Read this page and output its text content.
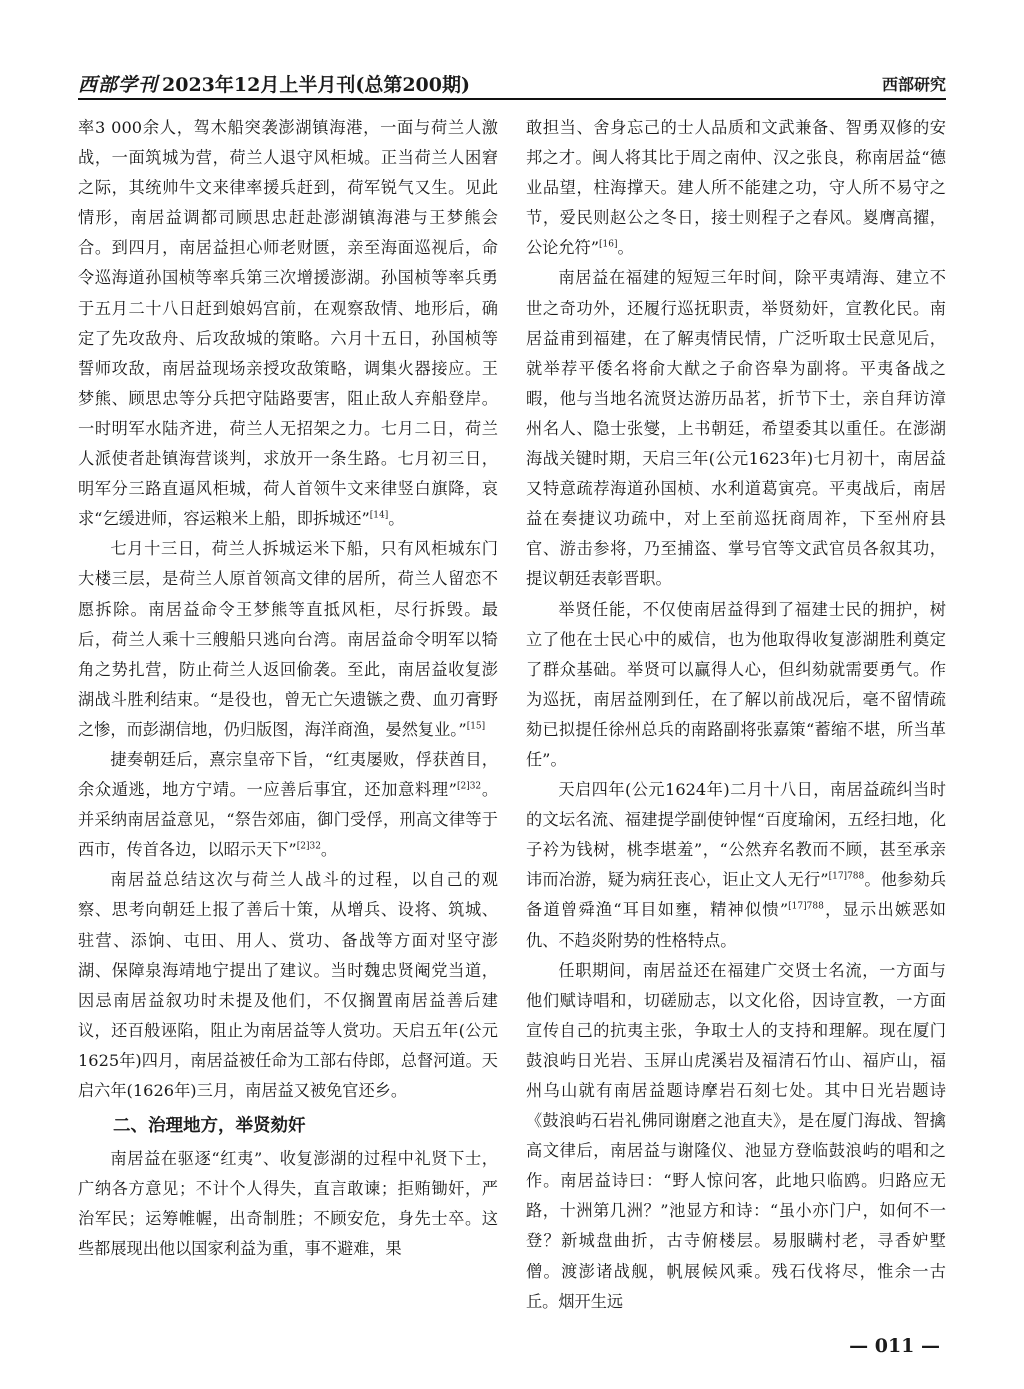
西部学刊 2023年12月上半月刊(总第200期)	西部研究

率3 000余人，驾木船突袭澎湖镇海港，一面与荷兰人激战，一面筑城为营，荷兰人退守风柜城。正当荷兰人困窘之际，其统帅牛文来律率援兵赶到，荷军锐气又生。见此情形，南居益调都司顾思忠赶赴澎湖镇海港与王梦熊会合。到四月，南居益担心师老财匮，亲至海面巡视后，命令巡海道孙国桢等率兵第三次增援澎湖。孙国桢等率兵勇于五月二十八日赶到娘妈宫前，在观察敌情、地形后，确定了先攻敌舟、后攻敌城的策略。六月十五日，孙国桢等誓师攻敌，南居益现场亲授攻敌策略，调集火器接应。王梦熊、顾思忠等分兵把守陆路要害，阻止敌人弃船登岸。一时明军水陆齐进，荷兰人无招架之力。七月二日，荷兰人派使者赴镇海营谈判，求放开一条生路。七月初三日，明军分三路直逼风柜城，荷人首领牛文来律竖白旗降，哀求“乞缓进师，容运粮米上船，即拆城还”[14]。

七月十三日，荷兰人拆城运米下船，只有风柜城东门大楼三层，是荷兰人原首领高文律的居所，荷兰人留恋不愿拆除。南居益命令王梦熊等直抵风柜，尽行拆毁。最后，荷兰人乘十三艘船只逃向台湾。南居益命令明军以犄角之势扎营，防止荷兰人返回偷袭。至此，南居益收复澎湖战斗胜利结束。“是役也，曾无亡矢遗镞之费、血刃膏野之惨，而彭湖信地，仍归版图，海洋商渔，晏然复业。”[15]

捷奏朝廷后，熹宗皇帝下旨，“红夷屡败，俘获酋目，余众遁逃，地方宁靖。一应善后事宜，还加意料理”$^{[2]32}$。并采纳南居益意见，“祭告郊庙，御门受俘，刑高文律等于西市，传首各边，以昭示天下”$^{[2]32}$。

南居益总结这次与荷兰人战斗的过程，以自己的观察、思考向朝廷上报了善后十策，从增兵、设将、筑城、驻营、添饷、屯田、用人、赏功、备战等方面对坚守澎湖、保障泉海靖地宁提出了建议。当时魏忠贤阉党当道，因忌南居益叙功时未提及他们，不仅搁置南居益善后建议，还百般诬陷，阻止为南居益等人赏功。天启五年(公元1625年)四月，南居益被任命为工部右侍郎，总督河道。天启六年(1626年)三月，南居益又被免官还乡。

二、治理地方，举贤劾奸

南居益在驱逐“红夷”、收复澎湖的过程中礼贤下士，广纳各方意见；不计个人得失，直言敢谏；拒贿锄奸，严治军民；运筹帷幄，出奇制胜；不顾安危，身先士卒。这些都展现出他以国家利益为重，事不避难，果

敢担当、舍身忘己的士人品质和文武兼备、智勇双修的安邦之才。闽人将其比于周之南仲、汉之张良，称南居益“德业品望，柱海撑天。建人所不能建之功，守人所不易守之节，爱民则赵公之冬日，接士则程子之春风。嵏膺高擢，公论允符”[16]。

南居益在福建的短短三年时间，除平夷靖海、建立不世之奇功外，还履行巡抚职责，举贤劾奸，宣教化民。南居益甫到福建，在了解夷情民情，广泛听取士民意见后，就举荐平倭名将俞大猷之子俞咨皋为副将。平夷备战之暇，他与当地名流贤达游历品茗，折节下士，亲自拜访漳州名人、隐士张燮，上书朝廷，希望委其以重任。在澎湖海战关键时期，天启三年(公元1623年)七月初十，南居益又特意疏荐海道孙国桢、水利道葛寅亮。平夷战后，南居益在奏捷议功疏中，对上至前巡抚商周祚，下至州府县官、游击参将，乃至捕盗、掌号官等文武官员各叙其功，提议朝廷表彰晋职。

举贤任能，不仅使南居益得到了福建士民的拥护，树立了他在士民心中的威信，也为他取得收复澎湖胜利奠定了群众基础。举贤可以赢得人心，但纠劾就需要勇气。作为巡抚，南居益刚到任，在了解以前战况后，毫不留情疏劾已拟提任徐州总兵的南路副将张嘉策“蓄缩不堪，所当革任”。

天启四年(公元1624年)二月十八日，南居益疏纠当时的文坛名流、福建提学副使钟惺“百度瑜闲，五经扫地，化子衿为钱树，桃李堪羞”，“公然弃名教而不顾，甚至承亲讳而冶游，疑为病狂丧心，讵止文人无行”$^{[17]788}$。他参劾兵备道曾舜渔“耳目如壅，精神似愦”$^{[17]788}$，显示出嫉恶如仇、不趋炎附势的性格特点。

任职期间，南居益还在福建广交贤士名流，一方面与他们赋诗唱和，切磋励志，以文化俗，因诗宣教，一方面宣传自己的抗夷主张，争取士人的支持和理解。现在厦门鼓浪屿日光岩、玉屏山虎溪岩及福清石竹山、福庐山，福州乌山就有南居益题诗摩岩石刻七处。其中日光岩题诗《鼓浪屿石岩礼佛同谢磨之池直夫》，是在厦门海战、智擒高文律后，南居益与谢隆仪、池显方登临鼓浪屿的唱和之作。南居益诗曰：“野人惊问客，此地只临鸥。归路应无路，十洲第几洲？”池显方和诗：“虽小亦门户，如何不一登？新城盘曲折，古寺俯楼层。易服瞒村老，寻香妒墅僧。渡澎诸战舰，帆展候风乘。残石伐将尽，惟余一古丘。烟开生远

— 011 —
